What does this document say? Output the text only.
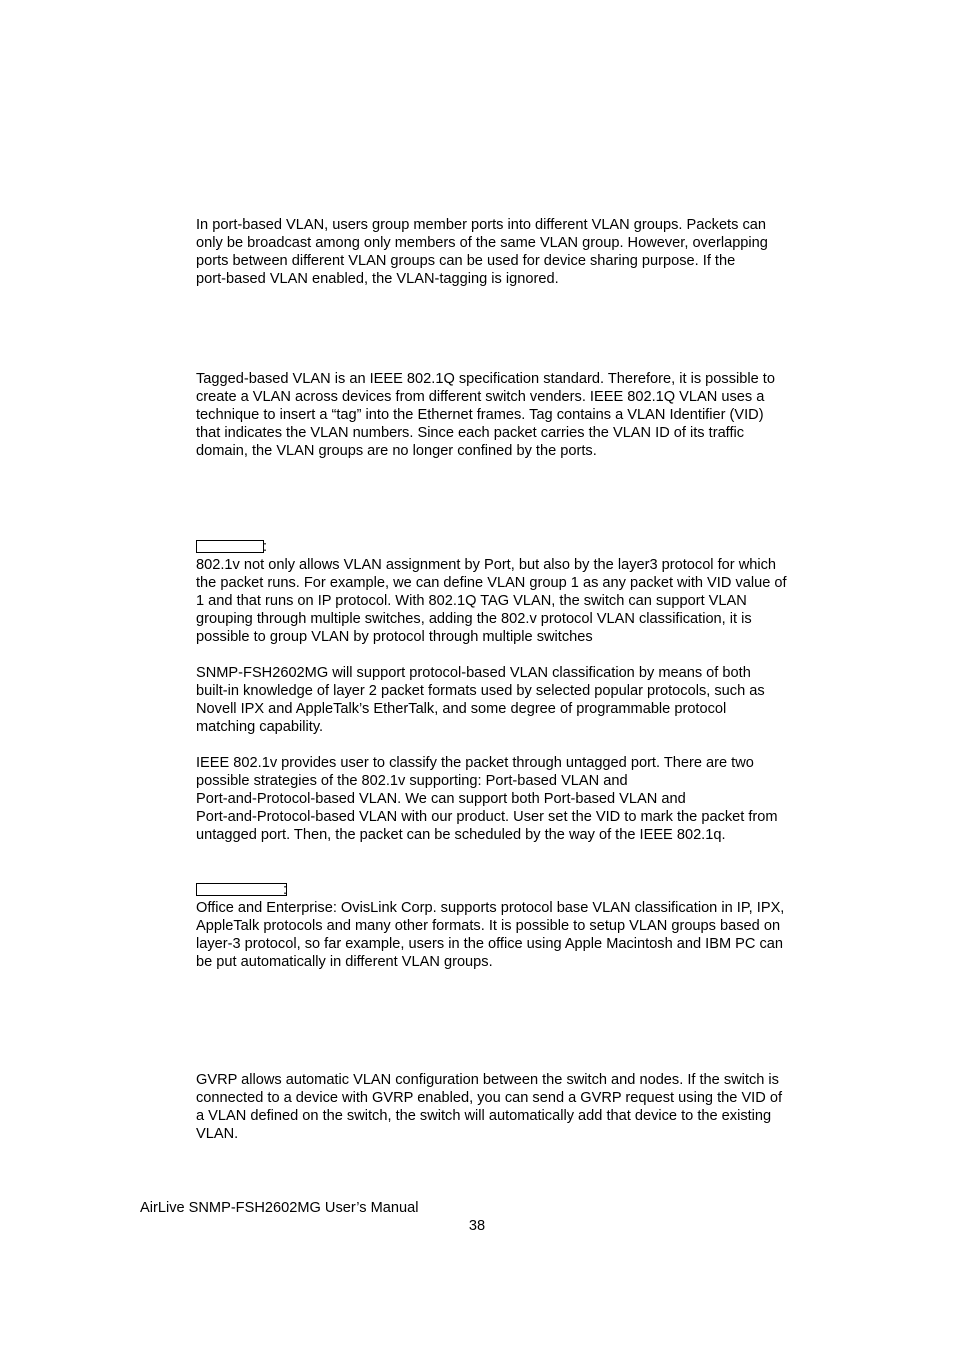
In port-based VLAN, users group member ports into different VLAN groups. Packets can
only be broadcast among only members of the same VLAN group. However, overlapping
ports between different VLAN groups can be used for device sharing purpose. If the
port-based VLAN enabled, the VLAN-tagging is ignored.
Tagged-based VLAN is an IEEE 802.1Q specification standard. Therefore, it is possible to
create a VLAN across devices from different switch venders. IEEE 802.1Q VLAN uses a
technique to insert a “tag” into the Ethernet frames. Tag contains a VLAN Identifier (VID)
that indicates the VLAN numbers. Since each packet carries the VLAN ID of its traffic
domain, the VLAN groups are no longer confined by the ports.
:
802.1v not only allows VLAN assignment by Port, but also by the layer3 protocol for which
the packet runs. For example, we can define VLAN group 1 as any packet with VID value of
1 and that runs on IP protocol. With 802.1Q TAG VLAN, the switch can support VLAN
grouping through multiple switches, adding the 802.v protocol VLAN classification, it is
possible to group VLAN by protocol through multiple switches
SNMP-FSH2602MG will support protocol-based VLAN classification by means of both
built-in knowledge of layer 2 packet formats used by selected popular protocols, such as
Novell IPX and AppleTalk’s EtherTalk, and some degree of programmable protocol
matching capability.
IEEE 802.1v provides user to classify the packet through untagged port. There are two
possible strategies of the 802.1v supporting: Port-based VLAN and
Port-and-Protocol-based VLAN. We can support both Port-based VLAN and
Port-and-Protocol-based VLAN with our product. User set the VID to mark the packet from
untagged port. Then, the packet can be scheduled by the way of the IEEE 802.1q.
:
Office and Enterprise: OvisLink Corp. supports protocol base VLAN classification in IP, IPX,
AppleTalk protocols and many other formats. It is possible to setup VLAN groups based on
layer-3 protocol, so far example, users in the office using Apple Macintosh and IBM PC can
be put automatically in different VLAN groups.
GVRP allows automatic VLAN configuration between the switch and nodes. If the switch is
connected to a device with GVRP enabled, you can send a GVRP request using the VID of
a VLAN defined on the switch, the switch will automatically add that device to the existing
VLAN.
AirLive SNMP-FSH2602MG User’s Manual
38
